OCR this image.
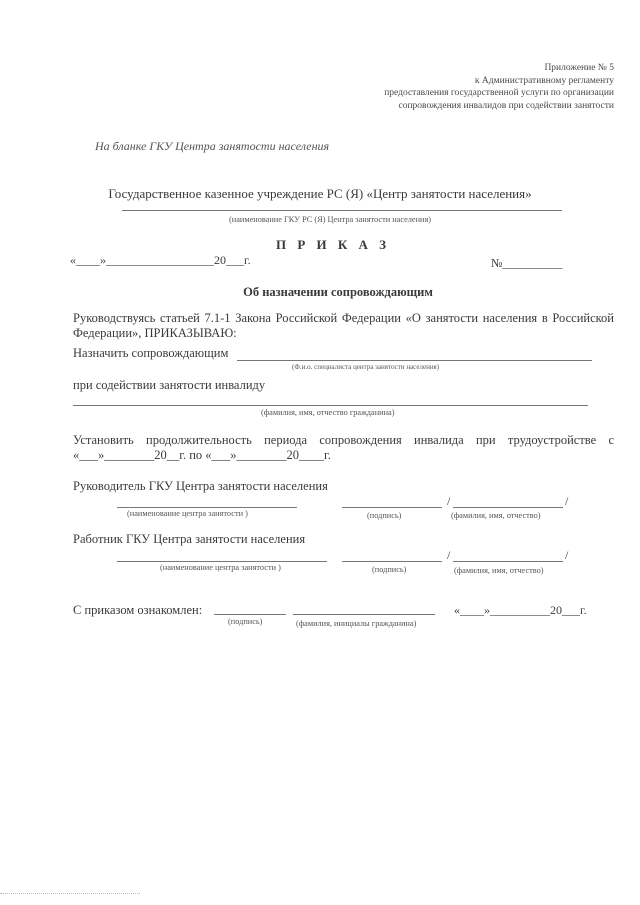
Приложение № 5
к Административному регламенту
предоставления государственной услуги по организации
сопровождения инвалидов при содействии занятости
На бланке ГКУ Центра занятости населения
Государственное казенное учреждение РС (Я) «Центр занятости населения»
(наименование ГКУ РС (Я) Центра занятости населения)
П Р И К А З
«____»__________________20___г.	№__________
Об назначении сопровождающим
Руководствуясь статьей 7.1-1 Закона Российской Федерации «О занятости населения в Российской Федерации», ПРИКАЗЫВАЮ:
Назначить сопровождающим
(Ф.и.о. специалиста центра занятости населения)
при содействии занятости инвалиду
(фамилия, имя, отчество гражданина)
Установить продолжительность периода сопровождения инвалида при трудоустройстве с «___»________20__г. по «___»________20____г.
Руководитель ГКУ Центра занятости населения
/	/
(наименование центра занятости )	(подпись)	(фамилия, имя, отчество)
Работник ГКУ Центра занятости населения
/	/
(наименование центра занятости )	(подпись)	(фамилия, имя, отчество)
С приказом ознакомлен:	«____»__________20___г.
(подпись)	(фамилия, инициалы гражданина)
